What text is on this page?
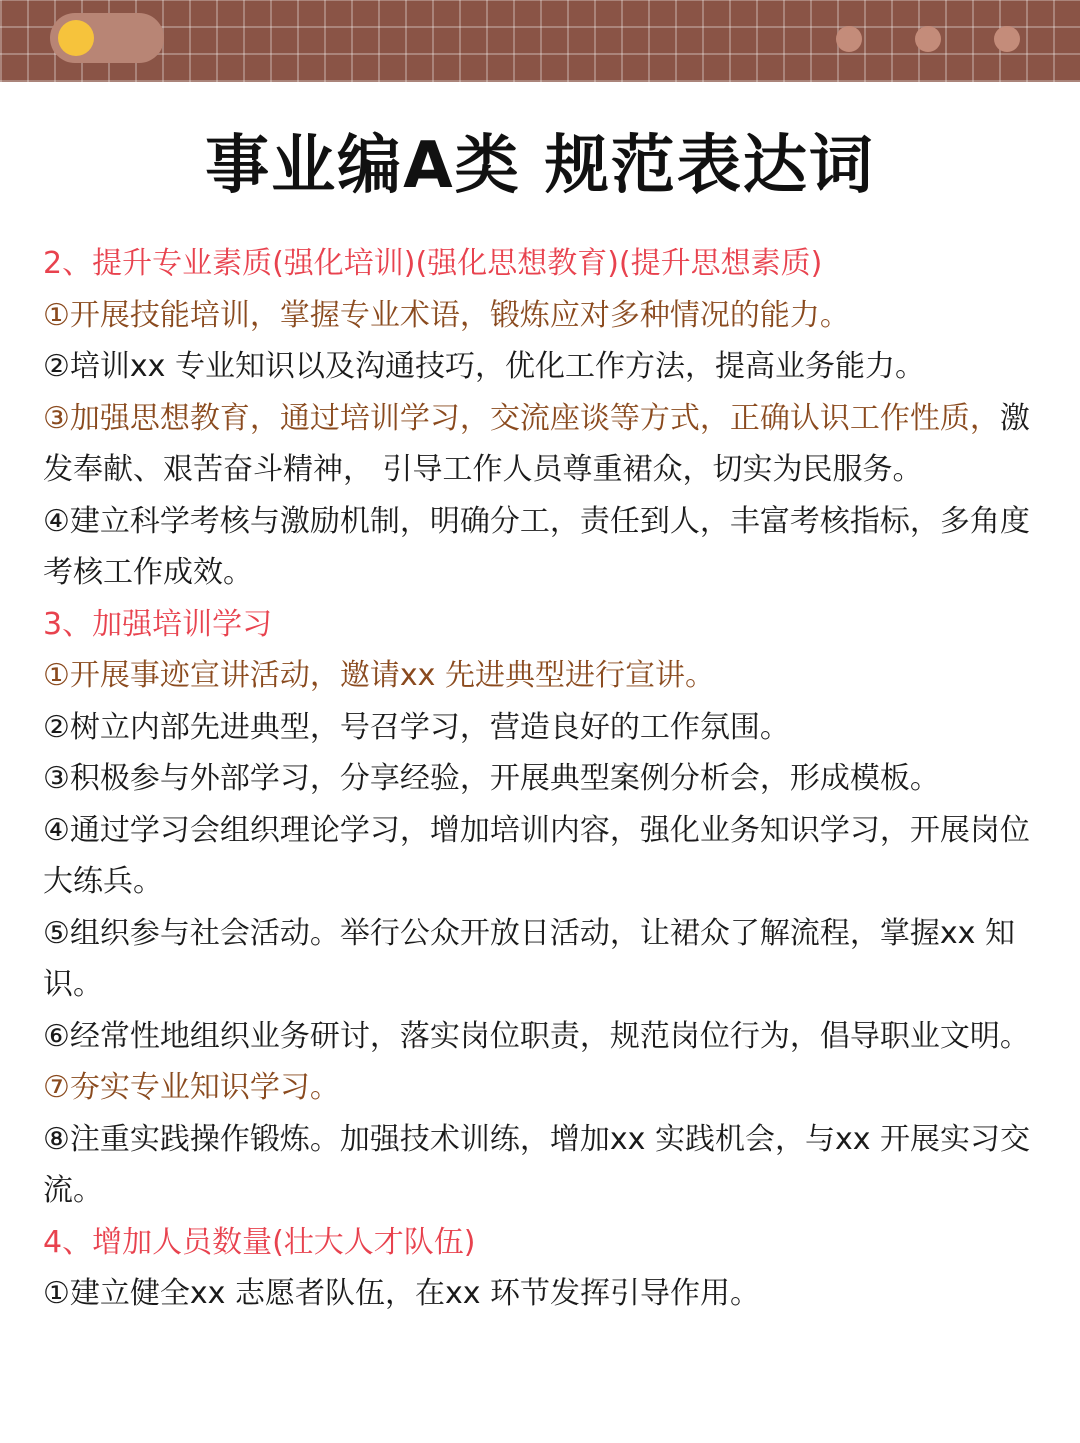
事业编A类 规范表达词

2、提升专业素质(强化培训)(强化思想教育)(提升思想素质)

①开展技能培训，掌握专业术语，锻炼应对多种情况的能力。

②培训xx 专业知识以及沟通技巧，优化工作方法，提高业务能力。

③加强思想教育，通过培训学习，交流座谈等方式，正确认识工作性质，激发奉献、艰苦奋斗精神， 引导工作人员尊重裙众，切实为民服务。

④建立科学考核与激励机制，明确分工，责任到人，丰富考核指标，多角度考核工作成效。

3、加强培训学习

①开展事迹宣讲活动，邀请xx 先进典型进行宣讲。

②树立内部先进典型，号召学习，营造良好的工作氛围。

③积极参与外部学习，分享经验，开展典型案例分析会，形成模板。

④通过学习会组织理论学习，增加培训内容，强化业务知识学习，开展岗位大练兵。

⑤组织参与社会活动。举行公众开放日活动，让裙众了解流程，掌握xx 知识。

⑥经常性地组织业务研讨，落实岗位职责，规范岗位行为，倡导职业文明。

⑦夯实专业知识学习。

⑧注重实践操作锻炼。加强技术训练，增加xx 实践机会，与xx 开展实习交流。

4、增加人员数量(壮大人才队伍)

①建立健全xx 志愿者队伍，在xx 环节发挥引导作用。
